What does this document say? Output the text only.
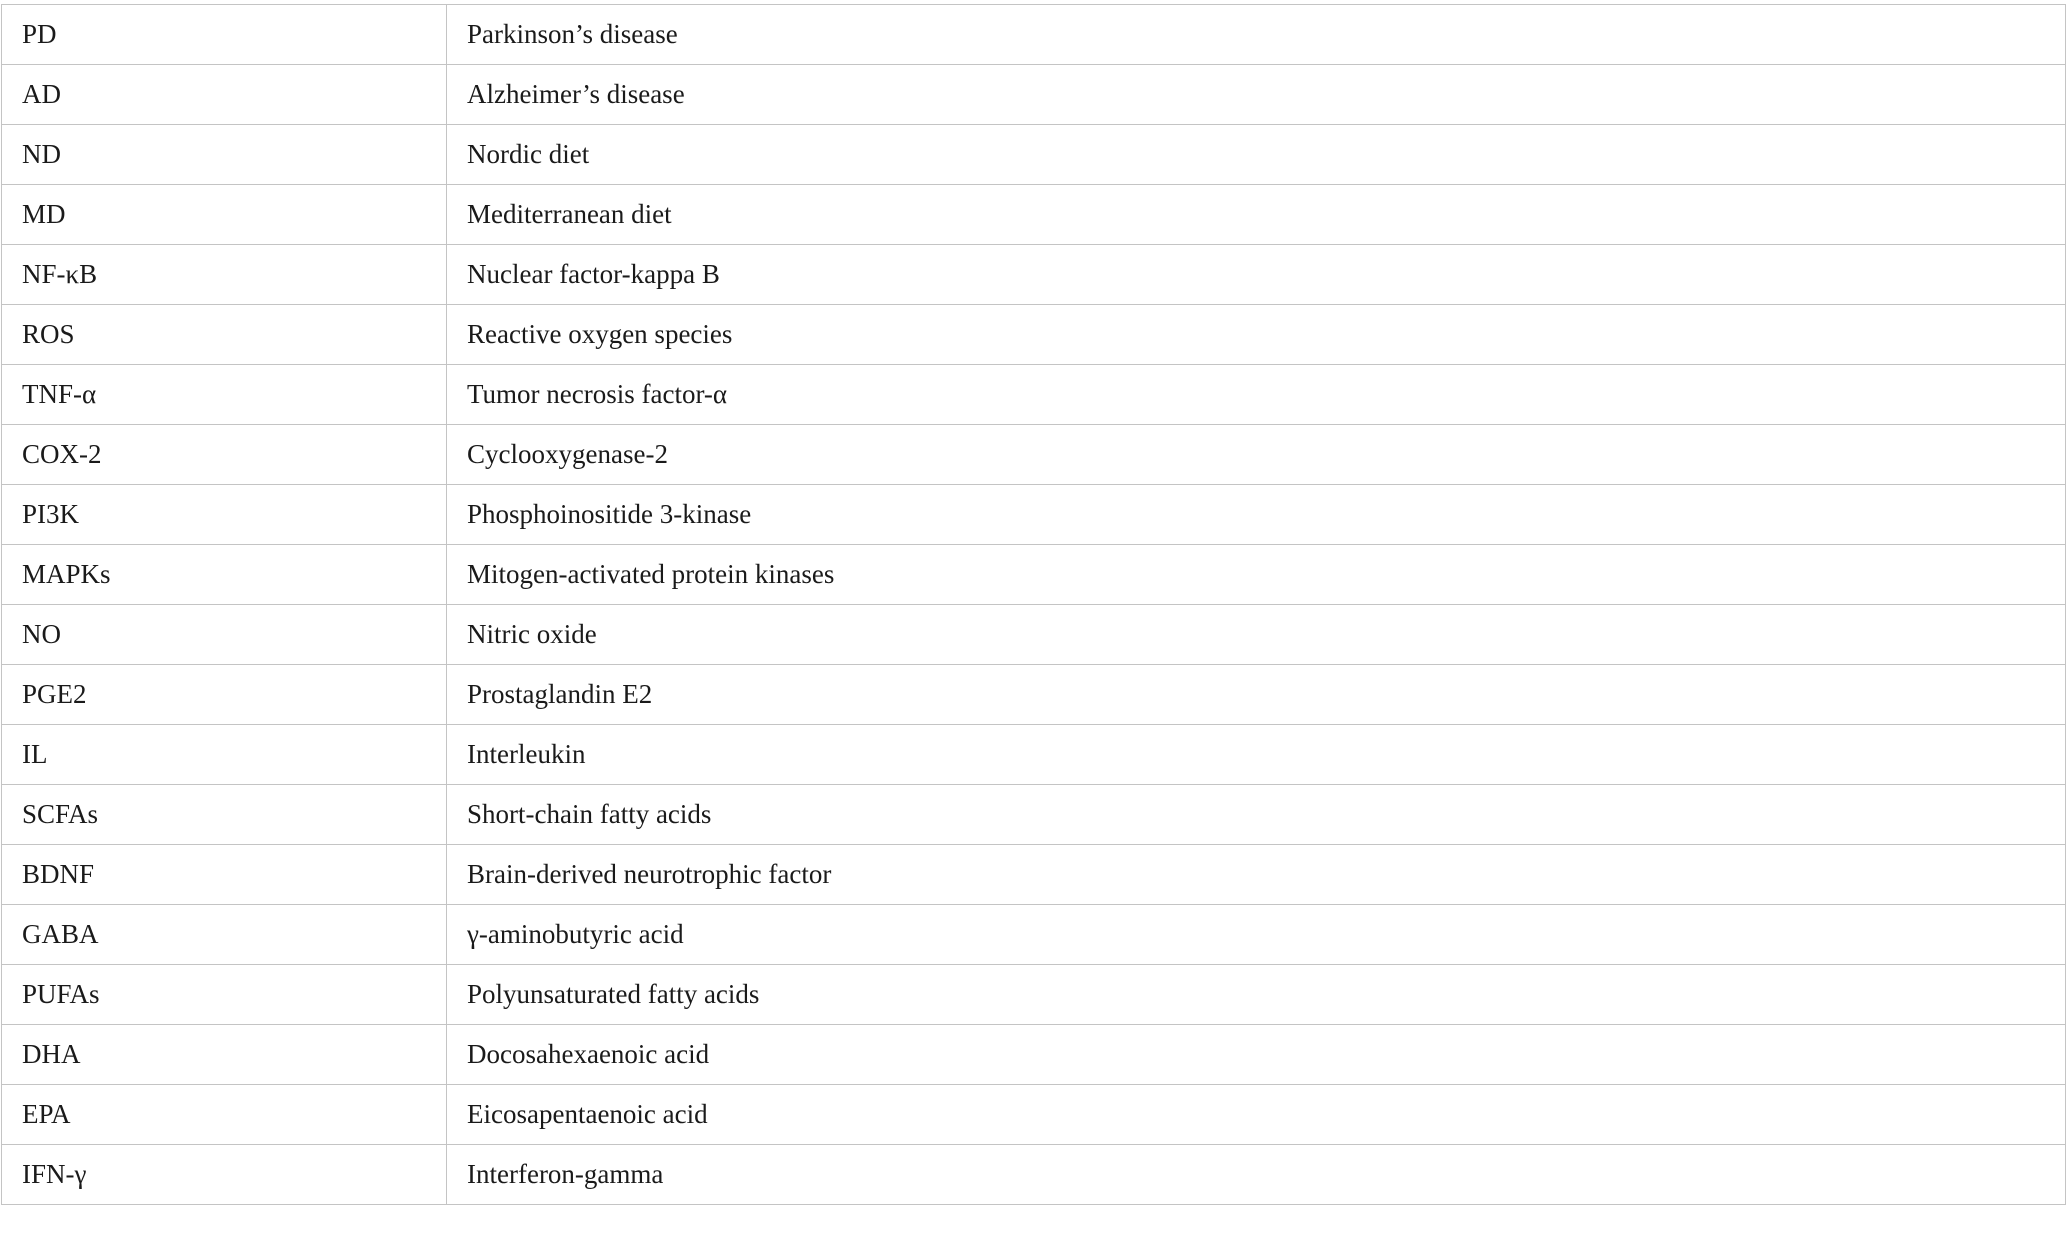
PD	Parkinson’s disease
AD	Alzheimer’s disease
ND	Nordic diet
MD	Mediterranean diet
NF-κB	Nuclear factor-kappa B
ROS	Reactive oxygen species
TNF-α	Tumor necrosis factor-α
COX-2	Cyclooxygenase-2
PI3K	Phosphoinositide 3-kinase
MAPKs	Mitogen-activated protein kinases
NO	Nitric oxide
PGE2	Prostaglandin E2
IL	Interleukin
SCFAs	Short-chain fatty acids
BDNF	Brain-derived neurotrophic factor
GABA	γ-aminobutyric acid
PUFAs	Polyunsaturated fatty acids
DHA	Docosahexaenoic acid
EPA	Eicosapentaenoic acid
IFN-γ	Interferon-gamma
